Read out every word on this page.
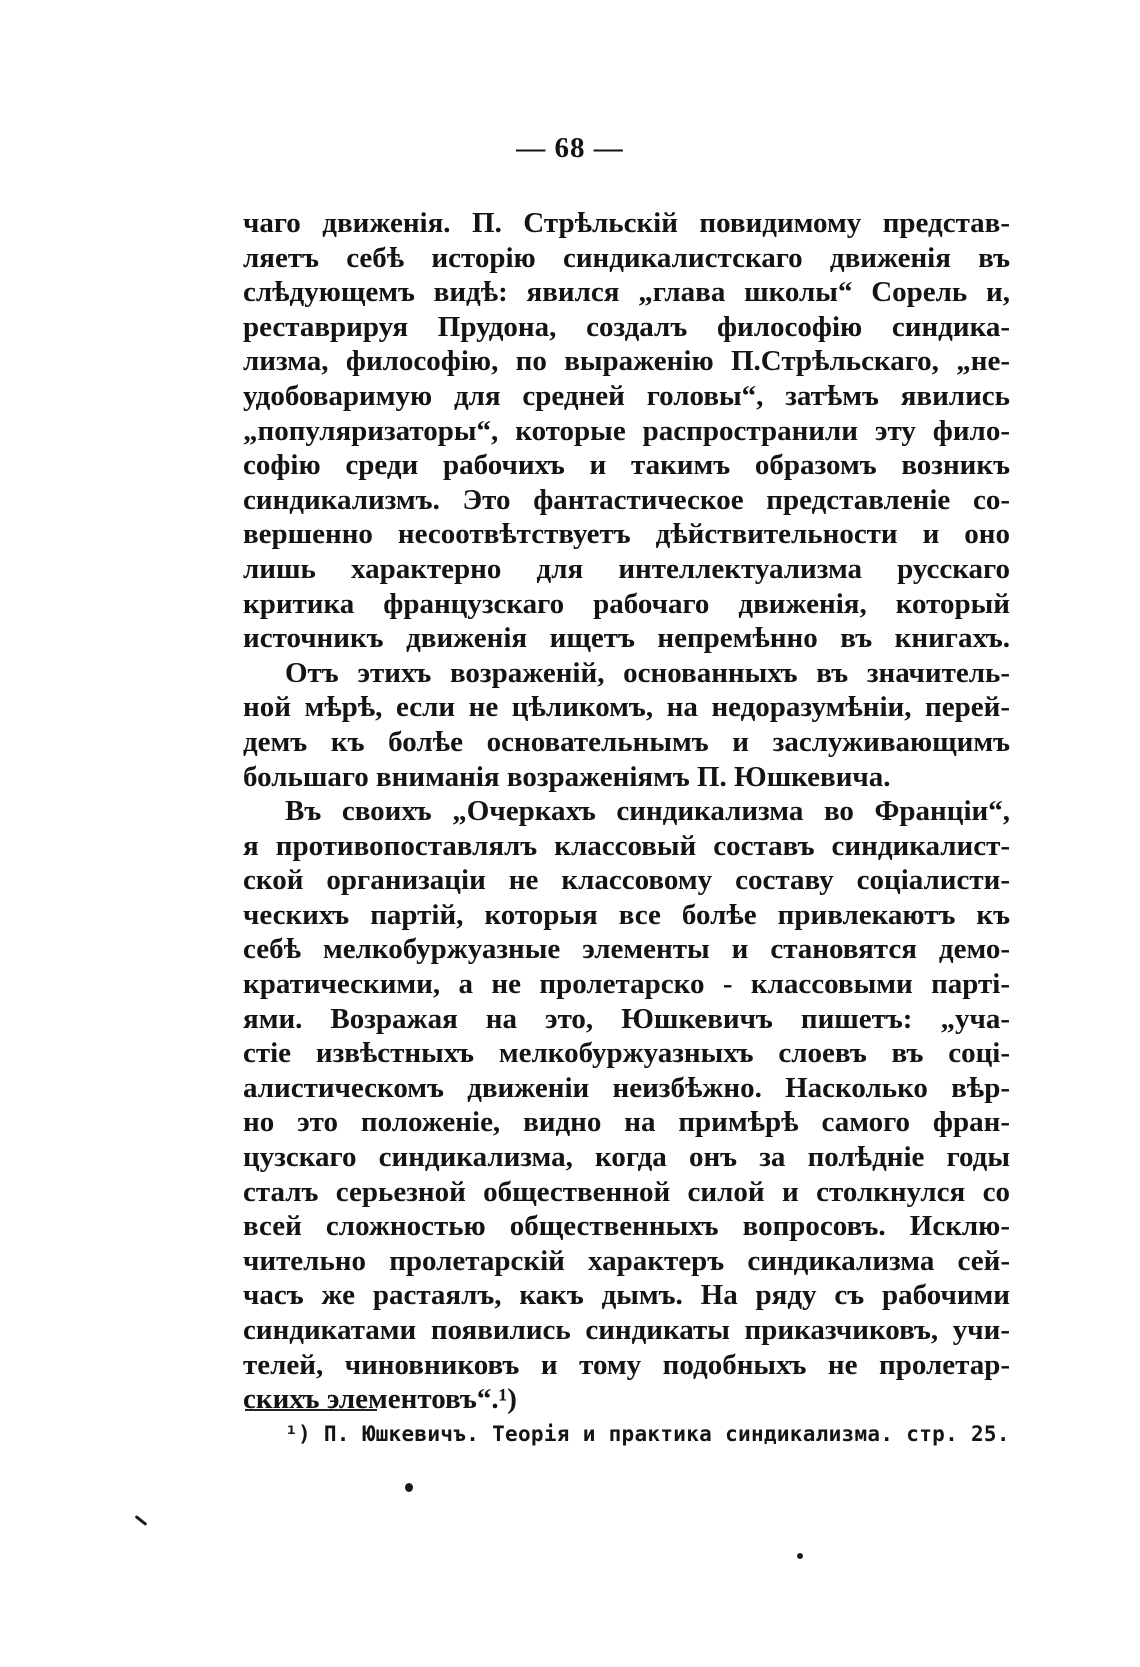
— 68 —
чаго движенія. П. Стрѣльскій повидимому представ-
ляетъ себѣ исторію синдикалистскаго движенія въ
слѣдующемъ видѣ: явился „глава школы“ Сорель и,
реставрируя Прудона, создалъ философію синдика-
лизма, философію, по выраженію П.Стрѣльскаго, „не-
удобоваримую для средней головы“, затѣмъ явились
„популяризаторы“, которые распространили эту фило-
софію среди рабочихъ и такимъ образомъ возникъ
синдикализмъ. Это фантастическое представленіе со-
вершенно несоотвѣтствуетъ дѣйствительности и оно
лишь характерно для интеллектуализма русскаго
критика французскаго рабочаго движенія, который
источникъ движенія ищетъ непремѣнно въ книгахъ.
Отъ этихъ возраженій, основанныхъ въ значитель-
ной мѣрѣ, если не цѣликомъ, на недоразумѣніи, перей-
демъ къ болѣе основательнымъ и заслуживающимъ
большаго вниманія возраженіямъ П. Юшкевича.
Въ своихъ „Очеркахъ синдикализма во Франціи“,
я противопоставлялъ классовый составъ синдикалист-
ской организаціи не классовому составу соціалисти-
ческихъ партій, которыя все болѣе привлекаютъ къ
себѣ мелкобуржуазные элементы и становятся демо-
кратическими, а не пролетарско - классовыми парті-
ями. Возражая на это, Юшкевичъ пишетъ: „уча-
стіе извѣстныхъ мелкобуржуазныхъ слоевъ въ соці-
алистическомъ движеніи неизбѣжно. Насколько вѣр-
но это положеніе, видно на примѣрѣ самого фран-
цузскаго синдикализма, когда онъ за полѣдніе годы
сталъ серьезной общественной силой и столкнулся со
всей сложностью общественныхъ вопросовъ. Исклю-
чительно пролетарскій характеръ синдикализма сей-
часъ же растаялъ, какъ дымъ. На ряду съ рабочими
синдикатами появились синдикаты приказчиковъ, учи-
телей, чиновниковъ и тому подобныхъ не пролетар-
скихъ элементовъ“.¹)
¹) П. Юшкевичъ. Теорія и практика синдикализма. стр. 25.
